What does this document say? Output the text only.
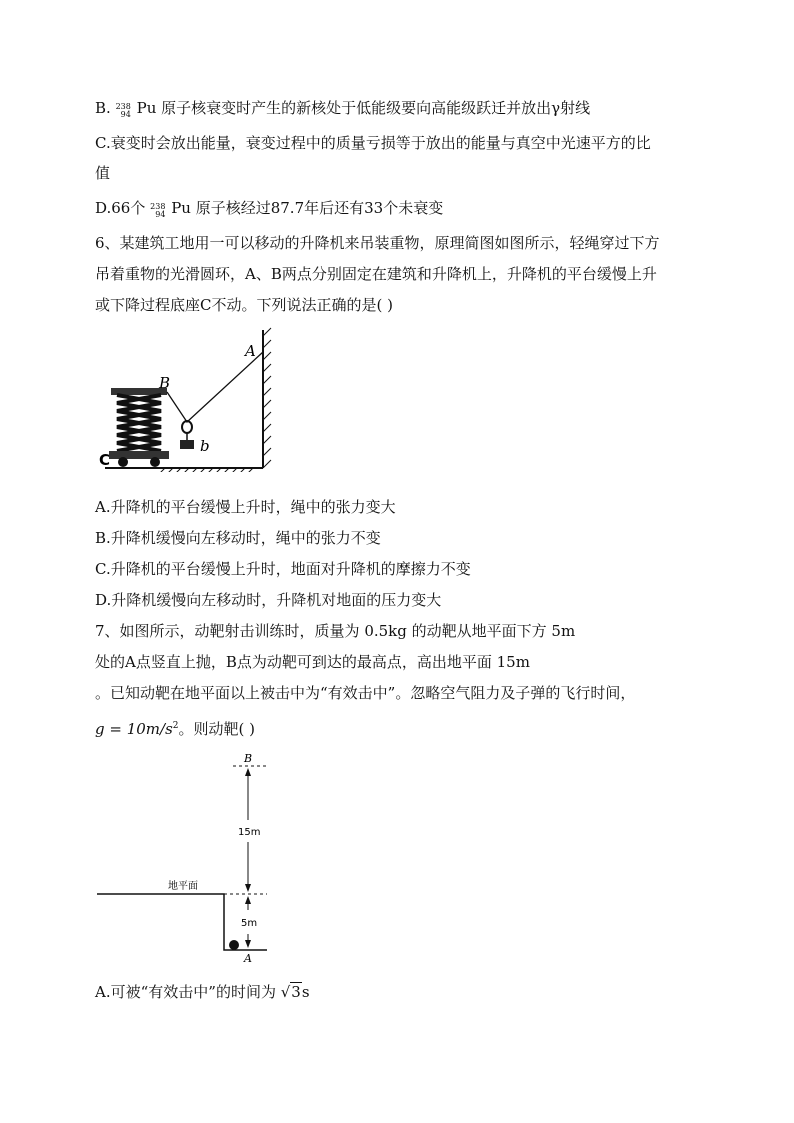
B. 238
94 Pu 原子核衰变时产生的新核处于低能级要向高能级跃迁并放出γ射线
C.衰变时会放出能量，衰变过程中的质量亏损等于放出的能量与真空中光速平方的比
值
D.66个 238
94 Pu 原子核经过87.7年后还有33个未衰变
6、某建筑工地用一可以移动的升降机来吊装重物，原理简图如图所示，轻绳穿过下方
吊着重物的光滑圆环，A、B两点分别固定在建筑和升降机上，升降机的平台缓慢上升
或下降过程底座C不动。下列说法正确的是( )
B
A
C
b
A.升降机的平台缓慢上升时，绳中的张力变大
B.升降机缓慢向左移动时，绳中的张力不变
C.升降机的平台缓慢上升时，地面对升降机的摩擦力不变
D.升降机缓慢向左移动时，升降机对地面的压力变大
7、如图所示，动靶射击训练时，质量为 0.5kg 的动靶从地平面下方 5m
处的A点竖直上抛，B点为动靶可到达的最高点，高出地平面 15m
。已知动靶在地平面以上被击中为“有效击中”。忽略空气阻力及子弹的飞行时间，
$g = 10m/s^2$。则动靶( )
B
15m
地平面
5m
A
A.可被“有效击中”的时间为 √3s
